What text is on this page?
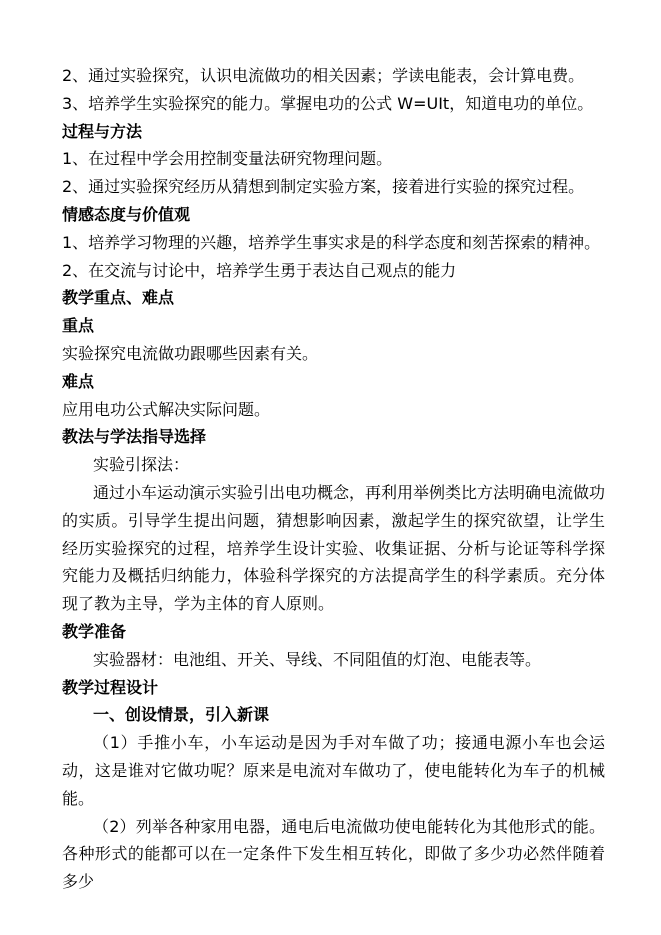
2、通过实验探究，认识电流做功的相关因素；学读电能表，会计算电费。

3、培养学生实验探究的能力。掌握电功的公式 W=UIt，知道电功的单位。

过程与方法

1、在过程中学会用控制变量法研究物理问题。

2、通过实验探究经历从猜想到制定实验方案，接着进行实验的探究过程。

情感态度与价值观

1、培养学习物理的兴趣，培养学生事实求是的科学态度和刻苦探索的精神。

2、在交流与讨论中，培养学生勇于表达自己观点的能力

教学重点、难点

重点

实验探究电流做功跟哪些因素有关。

难点

应用电功公式解决实际问题。

教法与学法指导选择

实验引探法：

通过小车运动演示实验引出电功概念，再利用举例类比方法明确电流做功的实质。引导学生提出问题，猜想影响因素，激起学生的探究欲望，让学生经历实验探究的过程，培养学生设计实验、收集证据、分析与论证等科学探究能力及概括归纳能力，体验科学探究的方法提高学生的科学素质。充分体现了教为主导，学为主体的育人原则。

教学准备

实验器材：电池组、开关、导线、不同阻值的灯泡、电能表等。

教学过程设计

一、创设情景，引入新课

（1）手推小车，小车运动是因为手对车做了功；接通电源小车也会运动，这是谁对它做功呢？原来是电流对车做功了，使电能转化为车子的机械能。

（2）列举各种家用电器，通电后电流做功使电能转化为其他形式的能。各种形式的能都可以在一定条件下发生相互转化，即做了多少功必然伴随着多少
